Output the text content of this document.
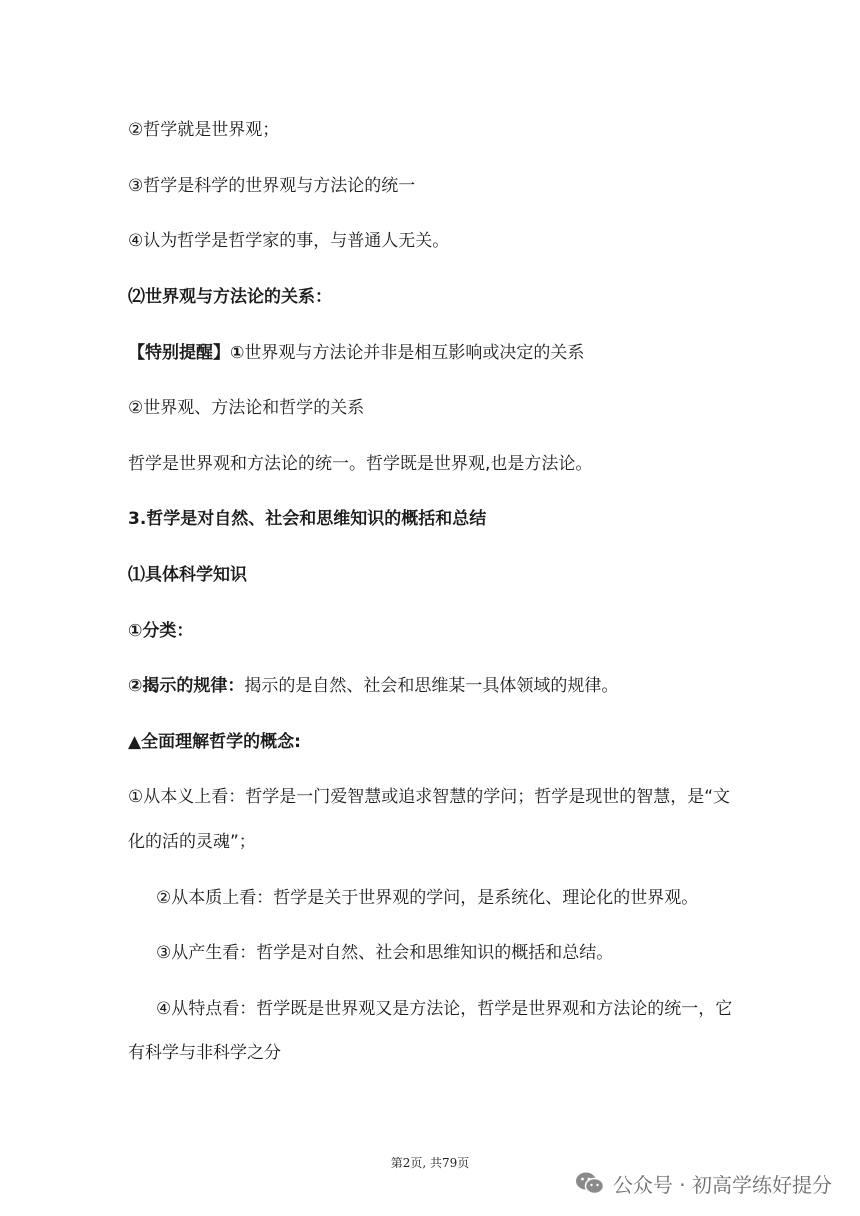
②哲学就是世界观；
③哲学是科学的世界观与方法论的统一
④认为哲学是哲学家的事，与普通人无关。
⑵世界观与方法论的关系：
【特别提醒】①世界观与方法论并非是相互影响或决定的关系
②世界观、方法论和哲学的关系
哲学是世界观和方法论的统一。哲学既是世界观,也是方法论。
3.哲学是对自然、社会和思维知识的概括和总结
⑴具体科学知识
①分类：
②揭示的规律：揭示的是自然、社会和思维某一具体领域的规律。
▲全面理解哲学的概念:
①从本义上看：哲学是一门爱智慧或追求智慧的学问；哲学是现世的智慧，是“文
化的活的灵魂”；
②从本质上看：哲学是关于世界观的学问，是系统化、理论化的世界观。
③从产生看：哲学是对自然、社会和思维知识的概括和总结。
④从特点看：哲学既是世界观又是方法论，哲学是世界观和方法论的统一，它
有科学与非科学之分
第2页, 共79页
公众号 · 初高学练好提分
